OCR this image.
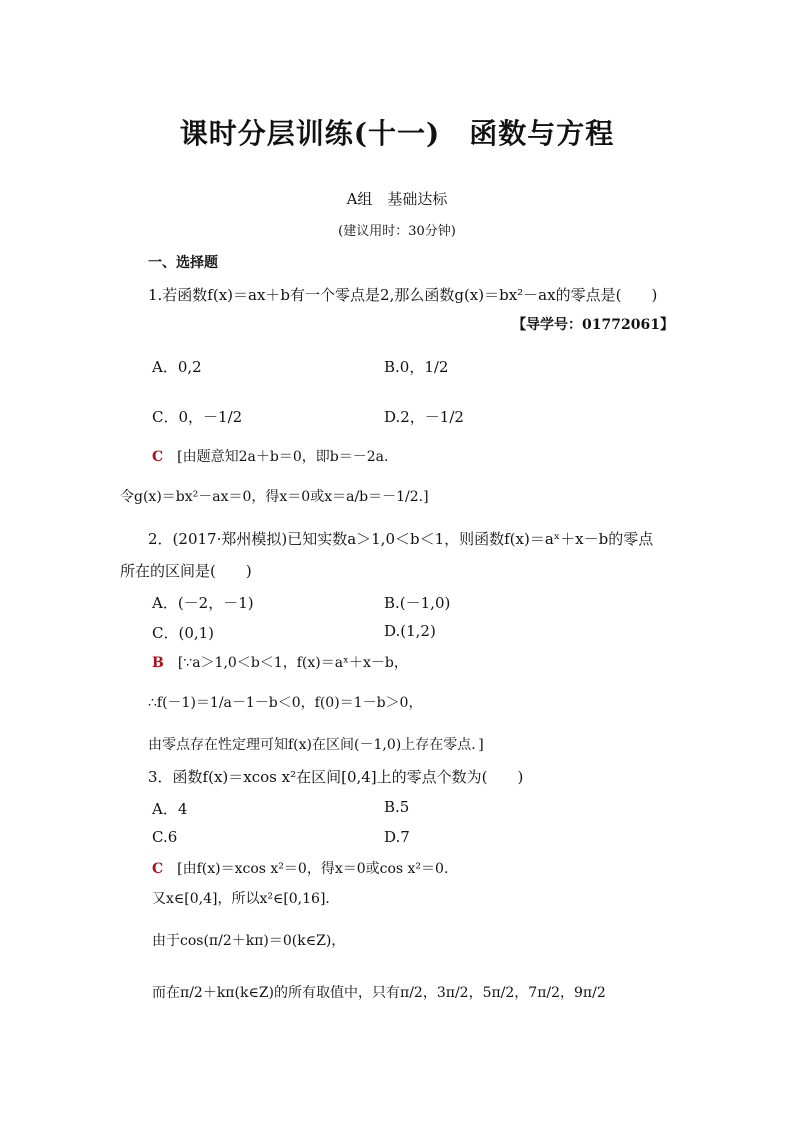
课时分层训练(十一)　函数与方程
A组　基础达标
(建议用时：30分钟)
一、选择题
1.若函数f(x)＝ax＋b有一个零点是2,那么函数g(x)＝bx²－ax的零点是(　　)
【导学号：01772061】
A．0,2	B.0，1/2
C．0，－1/2	D.2，－1/2
C [由题意知2a＋b＝0，即b＝－2a.
令g(x)＝bx²－ax＝0，得x＝0或x＝a/b＝－1/2.]
2．(2017·郑州模拟)已知实数a＞1,0＜b＜1，则函数f(x)＝aˣ＋x－b的零点
所在的区间是(　　)
A．(－2，－1)	B.(－1,0)
C．(0,1)	D.(1,2)
B [∵a＞1,0＜b＜1，f(x)＝aˣ＋x－b，
∴f(－1)＝1/a－1－b＜0，f(0)＝1－b＞0，
由零点存在性定理可知f(x)在区间(－1,0)上存在零点．]
3．函数f(x)＝xcos x²在区间[0,4]上的零点个数为(　　)
A．4	B.5
C.6	D.7
C [由f(x)＝xcos x²＝0，得x＝0或cos x²＝0.
又x∈[0,4]，所以x²∈[0,16]．
由于cos(π/2＋kπ)＝0(k∈Z)，
而在π/2＋kπ(k∈Z)的所有取值中，只有π/2，3π/2，5π/2，7π/2，9π/2
